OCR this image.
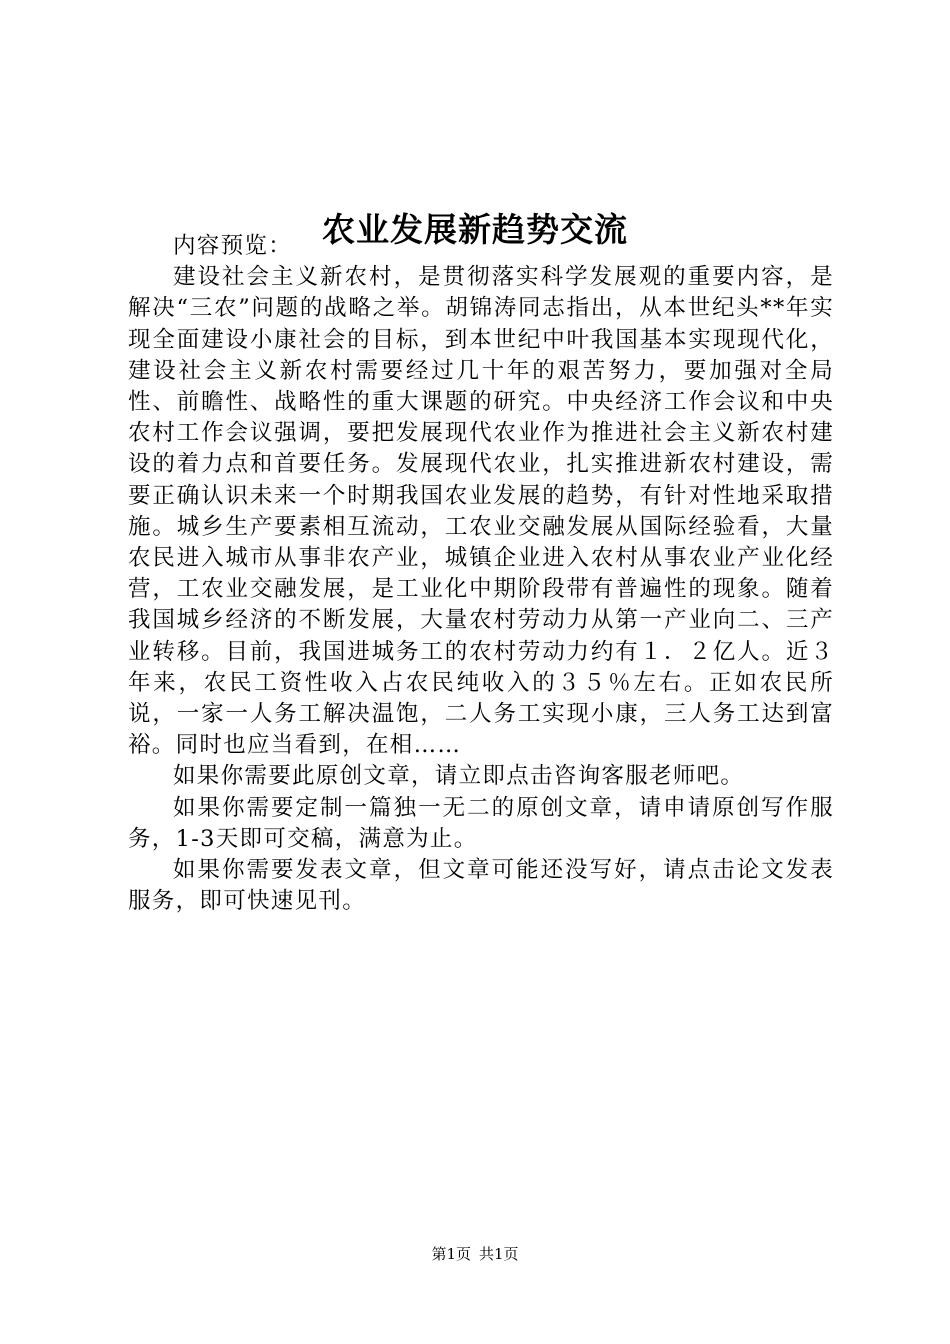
农业发展新趋势交流

内容预览：

建设社会主义新农村，是贯彻落实科学发展观的重要内容，是解决“三农”问题的战略之举。胡锦涛同志指出，从本世纪头**年实现全面建设小康社会的目标，到本世纪中叶我国基本实现现代化，建设社会主义新农村需要经过几十年的艰苦努力，要加强对全局性、前瞻性、战略性的重大课题的研究。中央经济工作会议和中央农村工作会议强调，要把发展现代农业作为推进社会主义新农村建设的着力点和首要任务。发展现代农业，扎实推进新农村建设，需要正确认识未来一个时期我国农业发展的趋势，有针对性地采取措施。城乡生产要素相互流动，工农业交融发展从国际经验看，大量农民进入城市从事非农产业，城镇企业进入农村从事农业产业化经营，工农业交融发展，是工业化中期阶段带有普遍性的现象。随着我国城乡经济的不断发展，大量农村劳动力从第一产业向二、三产业转移。目前，我国进城务工的农村劳动力约有１．２亿人。近３年来，农民工资性收入占农民纯收入的３５％左右。正如农民所说，一家一人务工解决温饱，二人务工实现小康，三人务工达到富裕。同时也应当看到，在相……

如果你需要此原创文章，请立即点击咨询客服老师吧。

如果你需要定制一篇独一无二的原创文章，请申请原创写作服务，1-3天即可交稿，满意为止。

如果你需要发表文章，但文章可能还没写好，请点击论文发表服务，即可快速见刊。

第1页 共1页
